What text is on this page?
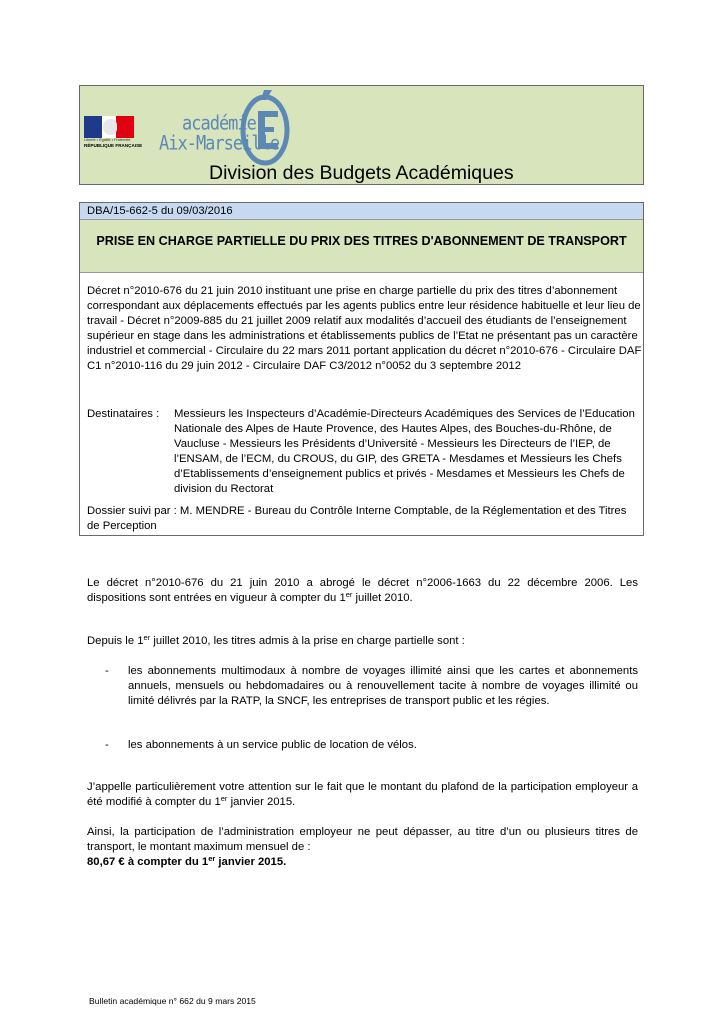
Liberté • Égalité • Fraternité
RÉPUBLIQUE FRANÇAISE
académie
Aix-Marseille
Division des Budgets Académiques
DBA/15-662-5 du 09/03/2016
PRISE EN CHARGE PARTIELLE DU PRIX DES TITRES D'ABONNEMENT DE TRANSPORT
Décret n°2010-676 du 21 juin 2010 instituant une prise en charge partielle du prix des titres d’abonnement correspondant aux déplacements effectués par les agents publics entre leur résidence habituelle et leur lieu de travail - Décret n°2009-885 du 21 juillet 2009 relatif aux modalités d’accueil des étudiants de l’enseignement supérieur en stage dans les administrations et établissements publics de l’Etat ne présentant pas un caractère industriel et commercial - Circulaire du 22 mars 2011 portant application du décret n°2010-676 - Circulaire DAF C1 n°2010-116 du 29 juin 2012 - Circulaire DAF C3/2012 n°0052 du 3 septembre 2012
Destinataires : Messieurs les Inspecteurs d’Académie-Directeurs Académiques des Services de l’Education Nationale des Alpes de Haute Provence, des Hautes Alpes, des Bouches-du-Rhône, de Vaucluse - Messieurs les Présidents d’Université - Messieurs les Directeurs de l’IEP, de l’ENSAM, de l’ECM, du CROUS, du GIP, des GRETA - Mesdames et Messieurs les Chefs d’Etablissements d’enseignement publics et privés - Mesdames et Messieurs les Chefs de division du Rectorat
Dossier suivi par : M. MENDRE - Bureau du Contrôle Interne Comptable, de la Réglementation et des Titres de Perception
Le décret n°2010-676 du 21 juin 2010 a abrogé le décret n°2006-1663 du 22 décembre 2006. Les dispositions sont entrées en vigueur à compter du 1er juillet 2010.
Depuis le 1er juillet 2010, les titres admis à la prise en charge partielle sont :
- les abonnements multimodaux à nombre de voyages illimité ainsi que les cartes et abonnements annuels, mensuels ou hebdomadaires ou à renouvellement tacite à nombre de voyages illimité ou limité délivrés par la RATP, la SNCF, les entreprises de transport public et les régies.
- les abonnements à un service public de location de vélos.
J’appelle particulièrement votre attention sur le fait que le montant du plafond de la participation employeur a été modifié à compter du 1er janvier 2015.
Ainsi, la participation de l’administration employeur ne peut dépasser, au titre d’un ou plusieurs titres de transport, le montant maximum mensuel de :
80,67 € à compter du 1er janvier 2015.
Bulletin académique n° 662 du 9 mars 2015
